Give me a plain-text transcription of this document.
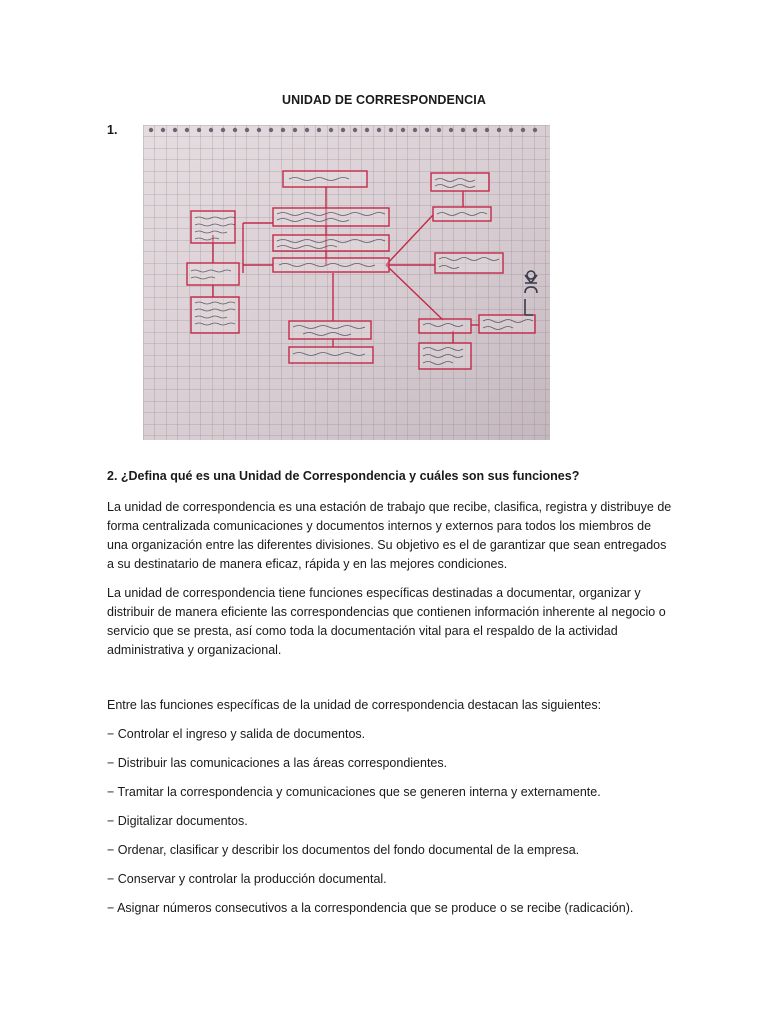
UNIDAD DE CORRESPONDENCIA
1.
2. ¿Defina qué es una Unidad de Correspondencia y cuáles son sus funciones?

La unidad de correspondencia es una estación de trabajo que recibe, clasifica, registra y distribuye de forma centralizada comunicaciones y documentos internos y externos para todos los miembros de una organización entre las diferentes divisiones. Su objetivo es el de garantizar que sean entregados a su destinatario de manera eficaz, rápida y en las mejores condiciones.

La unidad de correspondencia tiene funciones específicas destinadas a documentar, organizar y distribuir de manera eficiente las correspondencias que contienen información inherente al negocio o servicio que se presta, así como toda la documentación vital para el respaldo de la actividad administrativa y organizacional.

Entre las funciones específicas de la unidad de correspondencia destacan las siguientes:
− Controlar el ingreso y salida de documentos.
− Distribuir las comunicaciones a las áreas correspondientes.
− Tramitar la correspondencia y comunicaciones que se generen interna y externamente.
− Digitalizar documentos.
− Ordenar, clasificar y describir los documentos del fondo documental de la empresa.
− Conservar y controlar la producción documental.
− Asignar números consecutivos a la correspondencia que se produce o se recibe (radicación).
